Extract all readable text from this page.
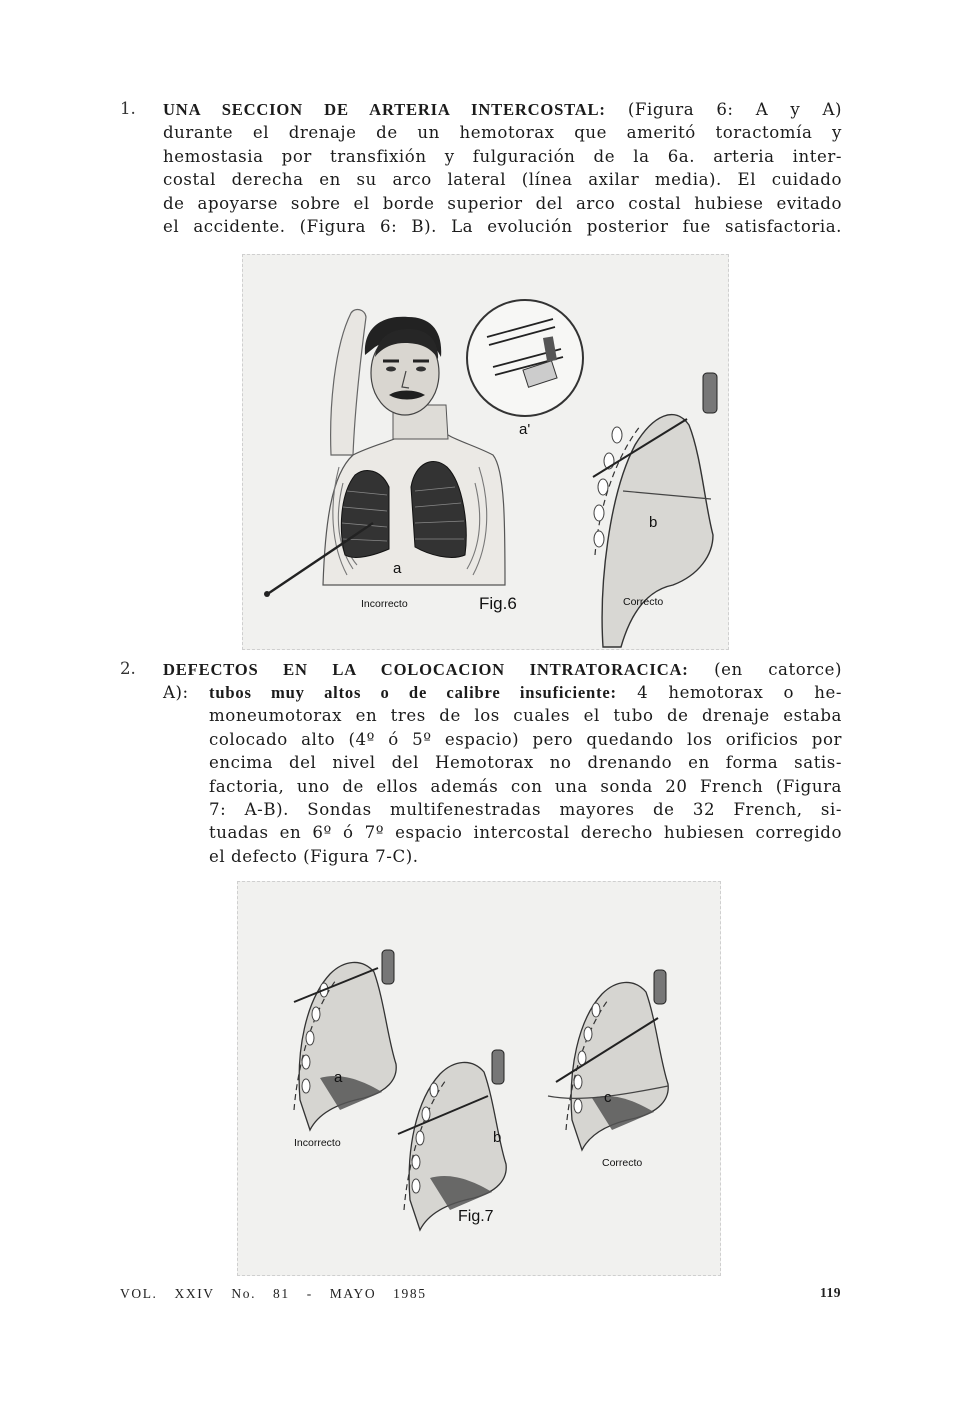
1. UNA SECCION DE ARTERIA INTERCOSTAL: (Figura 6: A y A)
durante el drenaje de un hemotorax que ameritó toractomía y
hemostasia por transfixión y fulguración de la 6a. arteria inter-
costal derecha en su arco lateral (línea axilar media). El cuidado
de apoyarse sobre el borde superior del arco costal hubiese evitado
el accidente. (Figura 6: B). La evolución posterior fue satisfactoria.
a
a'
b
Incorrecto	Fig.6	Correcto
2. DEFECTOS EN LA COLOCACION INTRATORACICA: (en catorce)
A): tubos muy altos o de calibre insuficiente: 4 hemotorax o he-
moneumotorax en tres de los cuales el tubo de drenaje estaba
colocado alto (4º ó 5º espacio) pero quedando los orificios por
encima del nivel del Hemotorax no drenando en forma satis-
factoria, uno de ellos además con una sonda 20 French (Figura
7: A-B). Sondas multifenestradas mayores de 32 French, si-
tuadas en 6º ó 7º espacio intercostal derecho hubiesen corregido
el defecto (Figura 7-C).
a
b
c
Incorrecto
Correcto
Fig.7
VOL. XXIV No. 81 - MAYO 1985	119
